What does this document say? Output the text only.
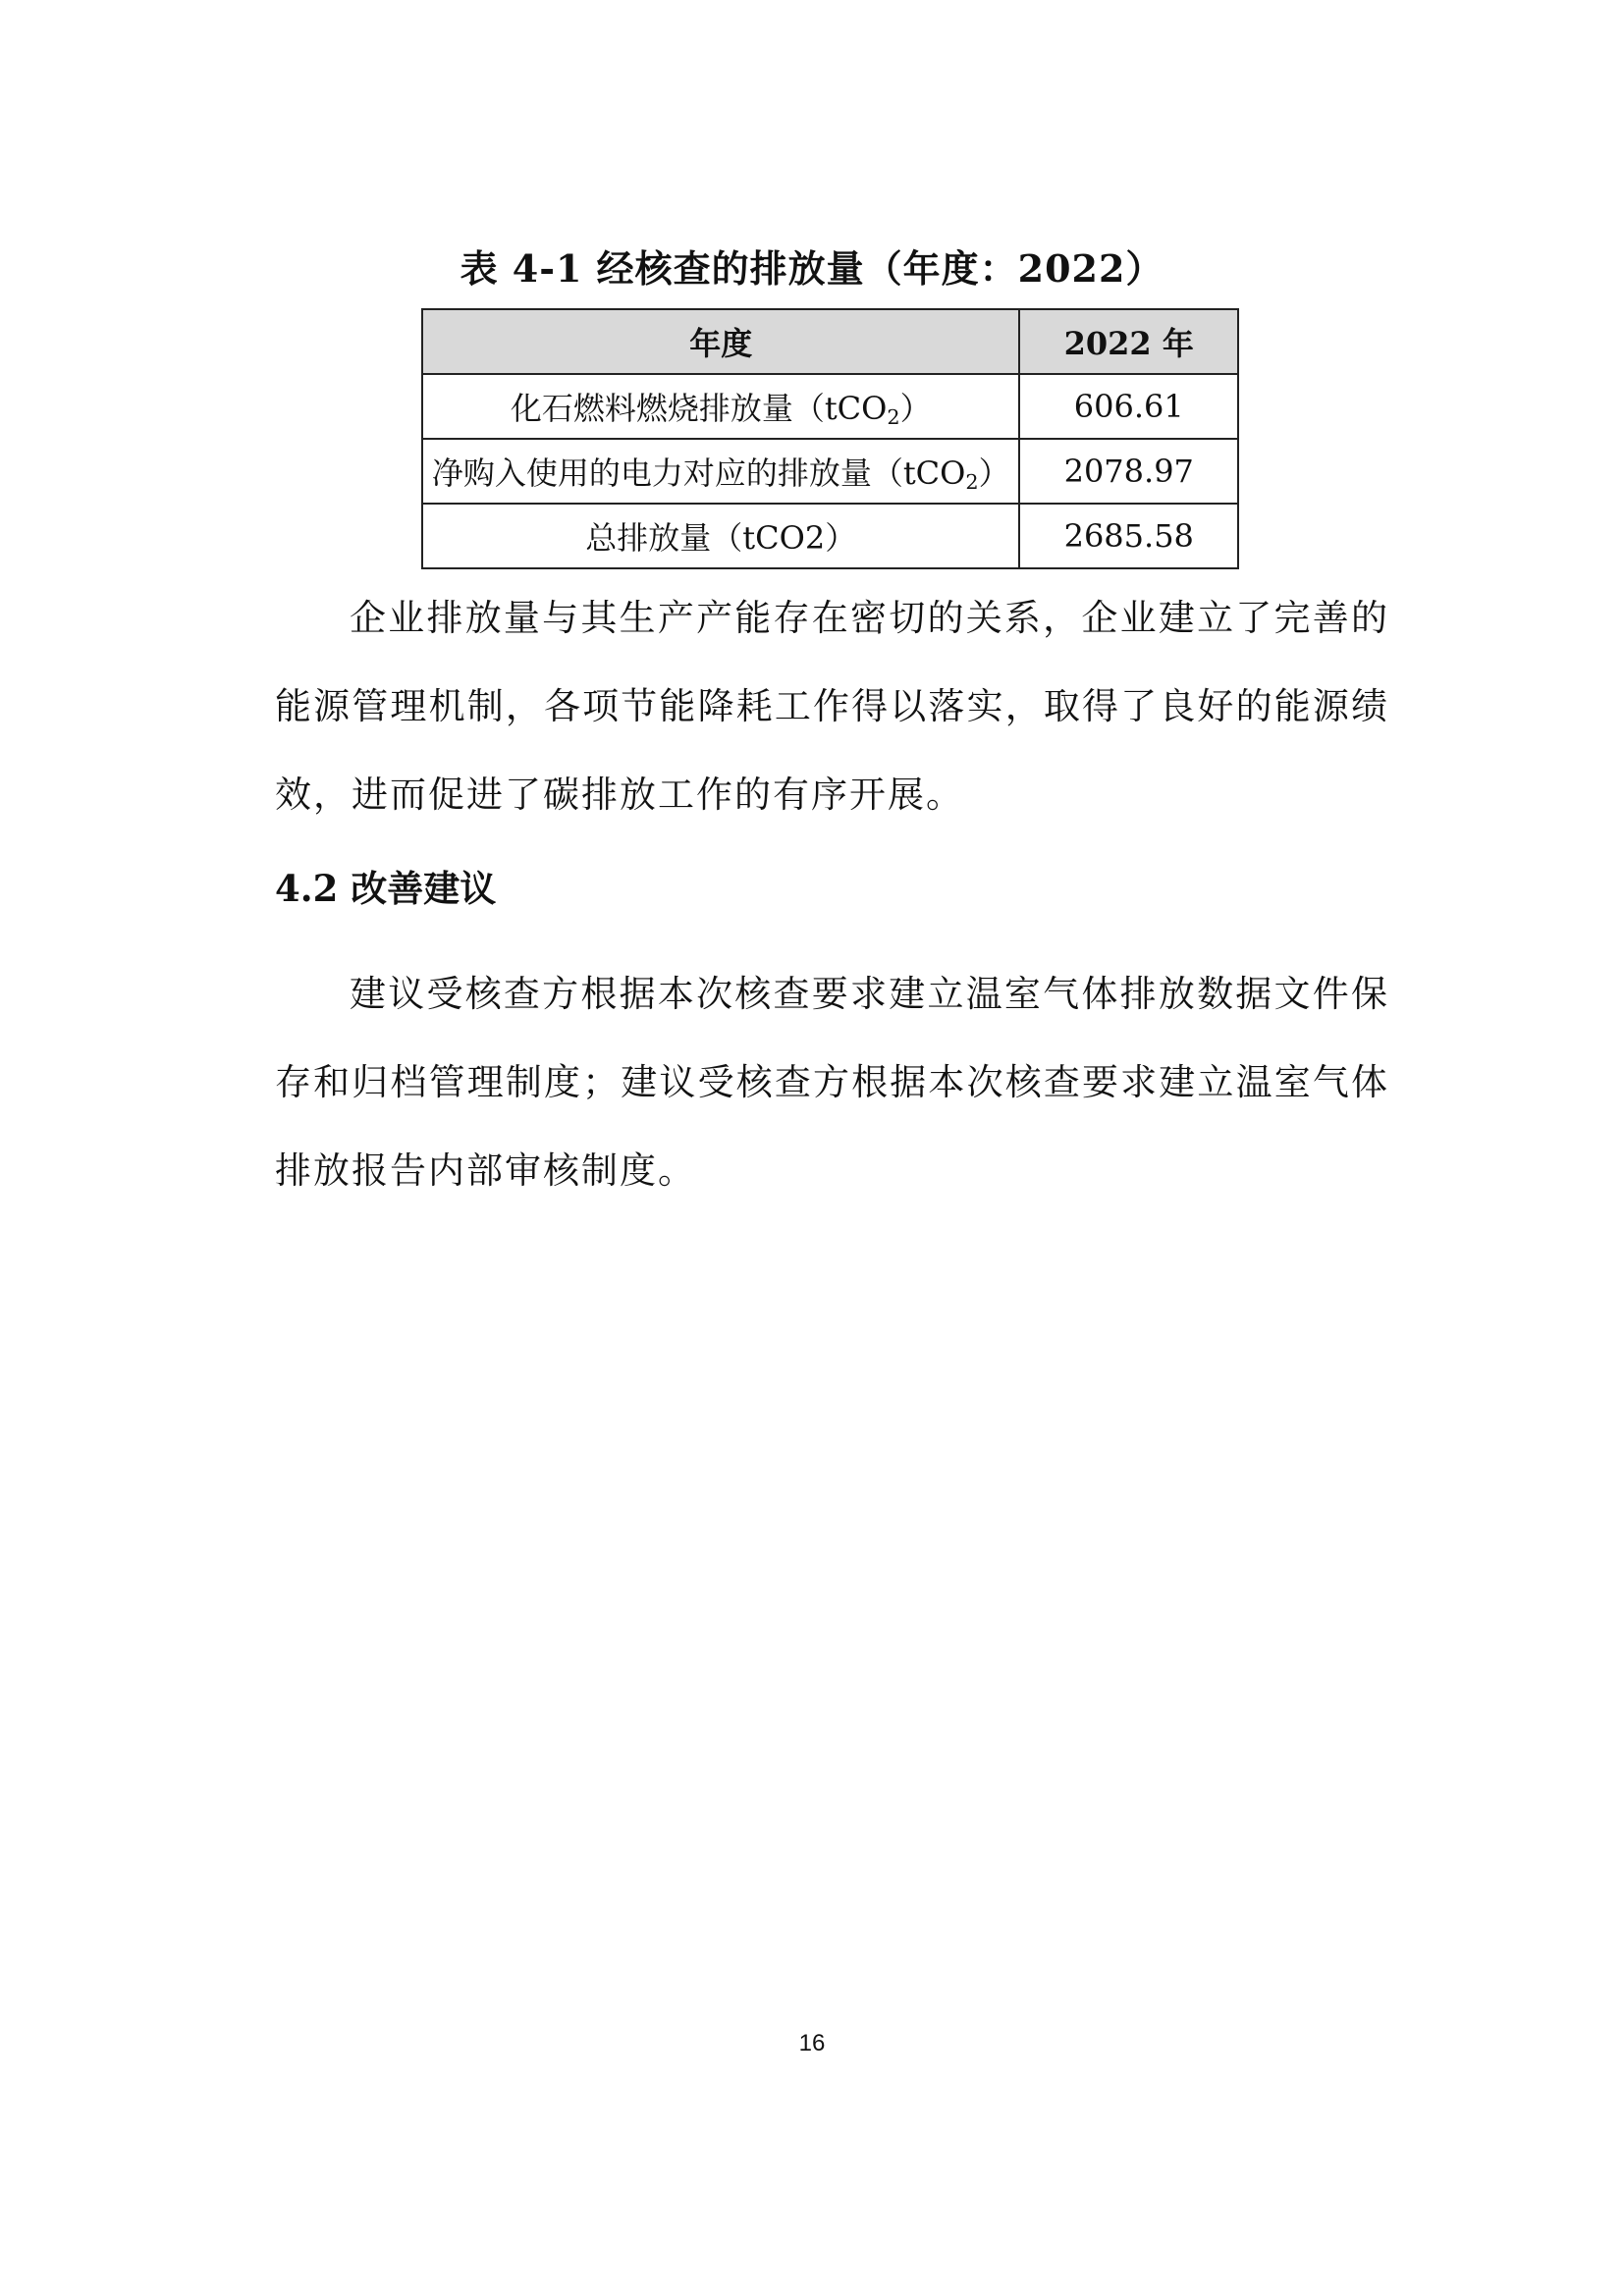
表 4-1 经核查的排放量（年度：2022）
年度	2022 年
化石燃料燃烧排放量（tCO$_2$）	606.61
净购入使用的电力对应的排放量（tCO$_2$）	2078.97
总排放量（tCO2）	2685.58

企业排放量与其生产产能存在密切的关系，企业建立了完善的能源管理机制，各项节能降耗工作得以落实，取得了良好的能源绩效，进而促进了碳排放工作的有序开展。

4.2 改善建议

建议受核查方根据本次核查要求建立温室气体排放数据文件保存和归档管理制度；建议受核查方根据本次核查要求建立温室气体排放报告内部审核制度。

16
